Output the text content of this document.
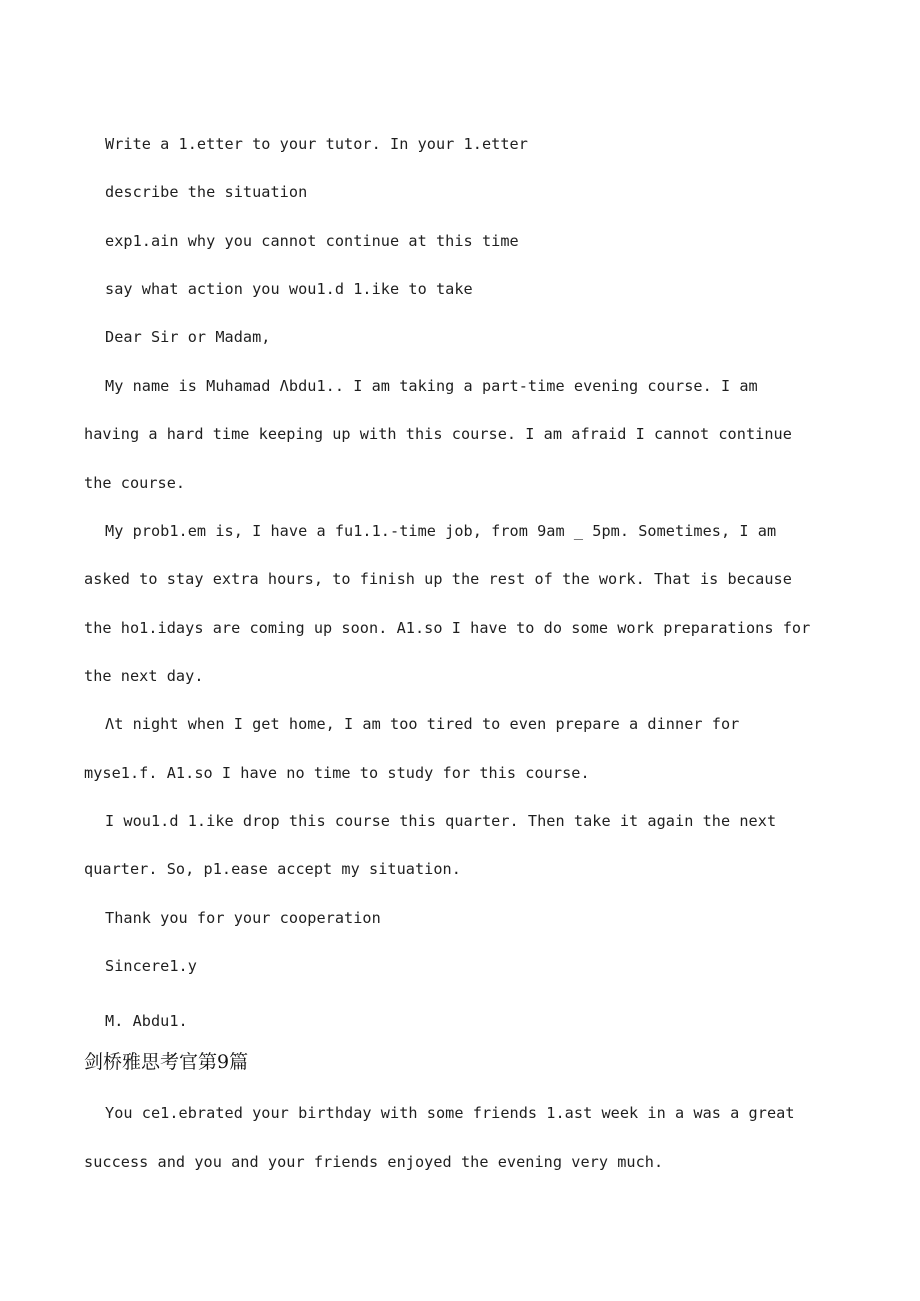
Write a 1.etter to your tutor. In your 1.etter
describe the situation
exp1.ain why you cannot continue at this time
say what action you wou1.d 1.ike to take
Dear Sir or Madam,
My name is Muhamad Λbdu1.. I am taking a part-time evening course. I am
having a hard time keeping up with this course. I am afraid I cannot continue
the course.
My prob1.em is, I have a fu1.1.-time job, from 9am _ 5pm. Sometimes, I am
asked to stay extra hours, to finish up the rest of the work. That is because
the ho1.idays are coming up soon. A1.so I have to do some work preparations for
the next day.
Λt night when I get home, I am too tired to even prepare a dinner for
myse1.f. A1.so I have no time to study for this course.
I wou1.d 1.ike drop this course this quarter. Then take it again the next
quarter. So, p1.ease accept my situation.
Thank you for your cooperation
Sincere1.y
M. Abdu1.
剑桥雅思考官第9篇
You ce1.ebrated your birthday with some friends 1.ast week in a was a great
success and you and your friends enjoyed the evening very much.
